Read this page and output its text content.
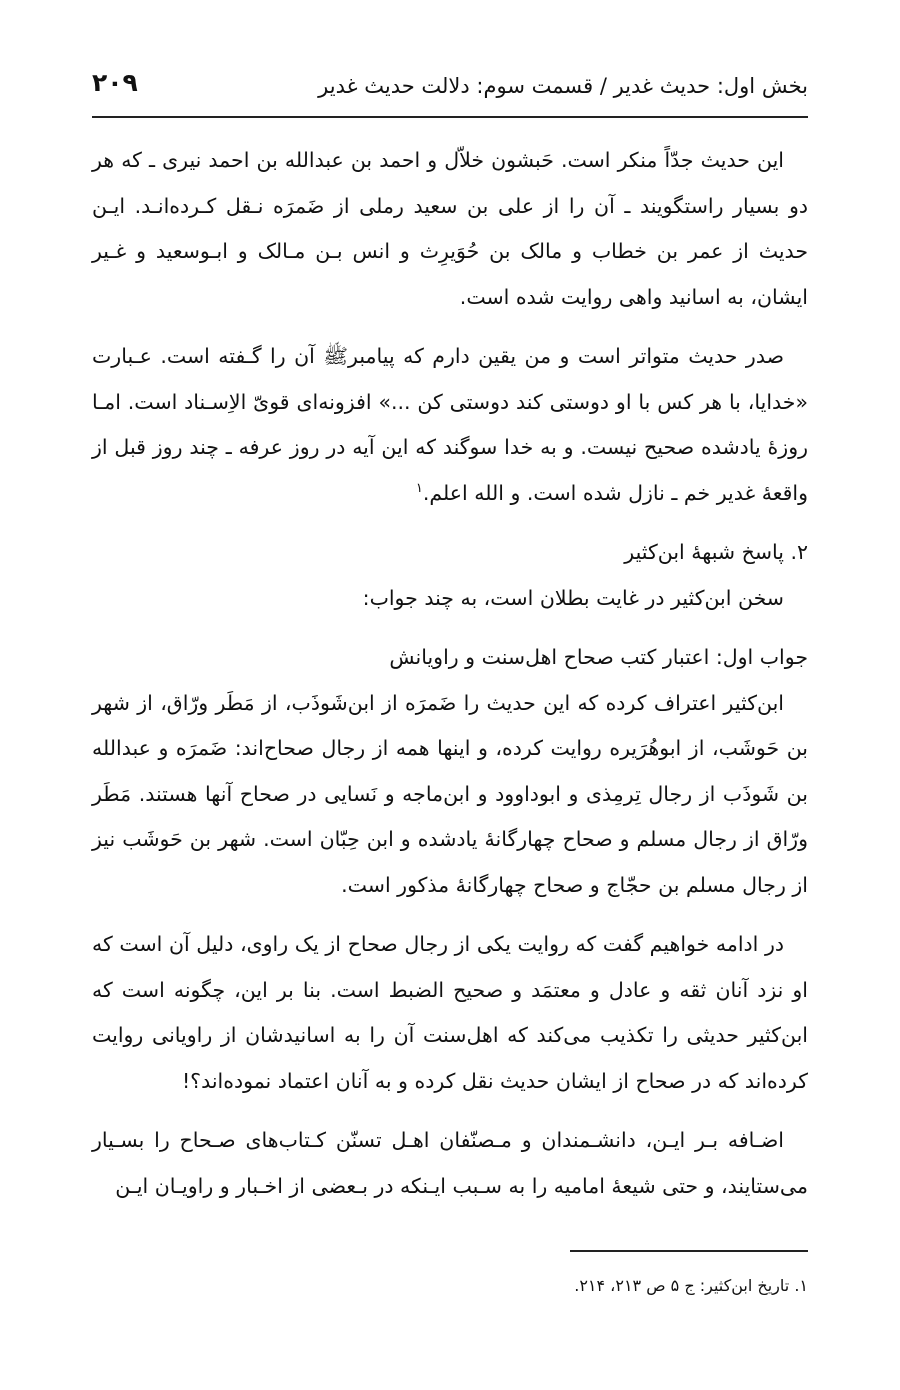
بخش اول: حدیث غدیر / قسمت سوم: دلالت حدیث غدیر
۲۰۹

این حدیث جدّاً منکر است. حَبشون خلاّل و احمد بن عبدالله بن احمد نیری ـ که هر دو بسیار راستگویند ـ آن را از علی بن سعید رملی از ضَمرَه نـقل کـرده‌انـد. ایـن حدیث از عمر بن خطاب و مالک بن حُوَیرِث و انس بـن مـالک و ابـوسعید و غـیر ایشان، به اسانید واهی روایت شده است.

صدر حدیث متواتر است و من یقین دارم که پیامبرﷺ آن را گـفته است. عـبارت «خدایا، با هر کس با او دوستی کند دوستی کن ...» افزونه‌ای قویّ الاِسـناد است. امـا روزهٔ یادشده صحیح نیست. و به خدا سوگند که این آیه در روز عرفه ـ چند روز قبل از واقعهٔ غدیر خم ـ نازل شده است. و الله اعلم.$^۱$

۲. پاسخ شبههٔ ابن‌کثیر

سخن ابن‌کثیر در غایت بطلان است، به چند جواب:

جواب اول: اعتبار کتب صحاح اهل‌سنت و راویانش

ابن‌کثیر اعتراف کرده که این حدیث را ضَمرَه از ابن‌شَوذَب، از مَطَر ورّاق، از شهر بن حَوشَب، از ابوهُرَیره روایت کرده، و اینها همه از رجال صحاح‌اند: ضَمرَه و عبدالله بن شَوذَب از رجال تِرمِذی و ابوداوود و ابن‌ماجه و نَسایی در صحاح آنها هستند. مَطَر ورّاق از رجال مسلم و صحاح چهارگانهٔ یادشده و ابن حِبّان است. شهر بن حَوشَب نیز از رجال مسلم بن حجّاج و صحاح چهارگانهٔ مذکور است.

در ادامه خواهیم گفت که روایت یکی از رجال صحاح از یک راوی، دلیل آن است که او نزد آنان ثقه و عادل و معتمَد و صحیح الضبط است. بنا بر این، چگونه است که ابن‌کثیر حدیثی را تکذیب می‌کند که اهل‌سنت آن را به اسانیدشان از راویانی روایت کرده‌اند که در صحاح از ایشان حدیث نقل کرده و به آنان اعتماد نموده‌اند؟!

اضـافه بـر ایـن، دانشـمندان و مـصنّفان اهـل تسنّن کـتاب‌های صـحاح را بسـیار می‌ستایند، و حتی شیعهٔ امامیه را به سـبب ایـنکه در بـعضی از اخـبار و راویـان ایـن

۱. تاریخ ابن‌کثیر: ج ۵ ص ۲۱۳، ۲۱۴.
